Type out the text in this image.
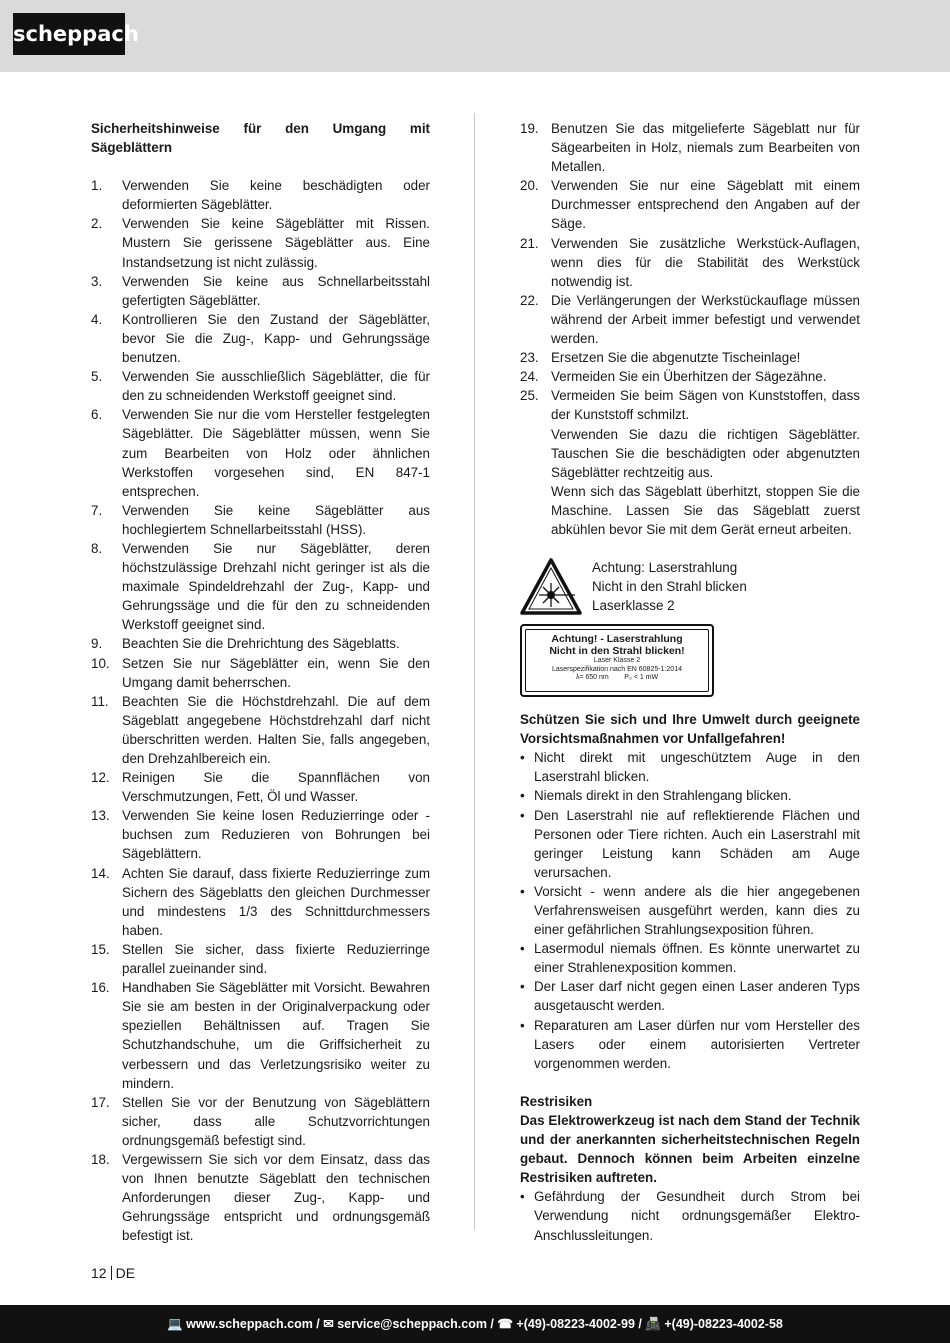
scheppach

Sicherheitshinweise für den Umgang mit Sägeblättern

1. Verwenden Sie keine beschädigten oder deformierten Sägeblätter.
2. Verwenden Sie keine Sägeblätter mit Rissen. Mustern Sie gerissene Sägeblätter aus. Eine Instandsetzung ist nicht zulässig.
3. Verwenden Sie keine aus Schnellarbeitsstahl gefertigten Sägeblätter.
4. Kontrollieren Sie den Zustand der Sägeblätter, bevor Sie die Zug-, Kapp- und Gehrungssäge benutzen.
5. Verwenden Sie ausschließlich Sägeblätter, die für den zu schneidenden Werkstoff geeignet sind.
6. Verwenden Sie nur die vom Hersteller festgelegten Sägeblätter. Die Sägeblätter müssen, wenn Sie zum Bearbeiten von Holz oder ähnlichen Werkstoffen vorgesehen sind, EN 847-1 entsprechen.
7. Verwenden Sie keine Sägeblätter aus hochlegiertem Schnellarbeitsstahl (HSS).
8. Verwenden Sie nur Sägeblätter, deren höchstzulässige Drehzahl nicht geringer ist als die maximale Spindeldrehzahl der Zug-, Kapp- und Gehrungssäge und die für den zu schneidenden Werkstoff geeignet sind.
9. Beachten Sie die Drehrichtung des Sägeblatts.
10. Setzen Sie nur Sägeblätter ein, wenn Sie den Umgang damit beherrschen.
11. Beachten Sie die Höchstdrehzahl. Die auf dem Sägeblatt angegebene Höchstdrehzahl darf nicht überschritten werden. Halten Sie, falls angegeben, den Drehzahlbereich ein.
12. Reinigen Sie die Spannflächen von Verschmutzungen, Fett, Öl und Wasser.
13. Verwenden Sie keine losen Reduzierringe oder -buchsen zum Reduzieren von Bohrungen bei Sägeblättern.
14. Achten Sie darauf, dass fixierte Reduzierringe zum Sichern des Sägeblatts den gleichen Durchmesser und mindestens 1/3 des Schnittdurchmessers haben.
15. Stellen Sie sicher, dass fixierte Reduzierringe parallel zueinander sind.
16. Handhaben Sie Sägeblätter mit Vorsicht. Bewahren Sie sie am besten in der Originalverpackung oder speziellen Behältnissen auf. Tragen Sie Schutzhandschuhe, um die Griffsicherheit zu verbessern und das Verletzungsrisiko weiter zu mindern.
17. Stellen Sie vor der Benutzung von Sägeblättern sicher, dass alle Schutzvorrichtungen ordnungsgemäß befestigt sind.
18. Vergewissern Sie sich vor dem Einsatz, dass das von Ihnen benutzte Sägeblatt den technischen Anforderungen dieser Zug-, Kapp- und Gehrungssäge entspricht und ordnungsgemäß befestigt ist.
19. Benutzen Sie das mitgelieferte Sägeblatt nur für Sägearbeiten in Holz, niemals zum Bearbeiten von Metallen.
20. Verwenden Sie nur eine Sägeblatt mit einem Durchmesser entsprechend den Angaben auf der Säge.
21. Verwenden Sie zusätzliche Werkstück-Auflagen, wenn dies für die Stabilität des Werkstück notwendig ist.
22. Die Verlängerungen der Werkstückauflage müssen während der Arbeit immer befestigt und verwendet werden.
23. Ersetzen Sie die abgenutzte Tischeinlage!
24. Vermeiden Sie ein Überhitzen der Sägezähne.
25. Vermeiden Sie beim Sägen von Kunststoffen, dass der Kunststoff schmilzt.
Verwenden Sie dazu die richtigen Sägeblätter. Tauschen Sie die beschädigten oder abgenutzten Sägeblätter rechtzeitig aus.
Wenn sich das Sägeblatt überhitzt, stoppen Sie die Maschine. Lassen Sie das Sägeblatt zuerst abkühlen bevor Sie mit dem Gerät erneut arbeiten.
Achtung: Laserstrahlung
Nicht in den Strahl blicken
Laserklasse 2
Achtung! - Laserstrahlung
Nicht in den Strahl blicken!
Laser Klasse 2
Laserspezifikation nach EN 60825-1:2014
λ= 650 nm        P₀ < 1 mW

Schützen Sie sich und Ihre Umwelt durch geeignete Vorsichtsmaßnahmen vor Unfallgefahren!

• Nicht direkt mit ungeschütztem Auge in den Laserstrahl blicken.
• Niemals direkt in den Strahlengang blicken.
• Den Laserstrahl nie auf reflektierende Flächen und Personen oder Tiere richten. Auch ein Laserstrahl mit geringer Leistung kann Schäden am Auge verursachen.
• Vorsicht - wenn andere als die hier angegebenen Verfahrensweisen ausgeführt werden, kann dies zu einer gefährlichen Strahlungsexposition führen.
• Lasermodul niemals öffnen. Es könnte unerwartet zu einer Strahlenexposition kommen.
• Der Laser darf nicht gegen einen Laser anderen Typs ausgetauscht werden.
• Reparaturen am Laser dürfen nur vom Hersteller des Lasers oder einem autorisierten Vertreter vorgenommen werden.

Restrisiken

Das Elektrowerkzeug ist nach dem Stand der Technik und der anerkannten sicherheitstechnischen Regeln gebaut. Dennoch können beim Arbeiten einzelne Restrisiken auftreten.

• Gefährdung der Gesundheit durch Strom bei Verwendung nicht ordnungsgemäßer Elektro-Anschlussleitungen.
12 DE
💻 www.scheppach.com / ✉ service@scheppach.com / ☎ +(49)-08223-4002-99 / 📠 +(49)-08223-4002-58
